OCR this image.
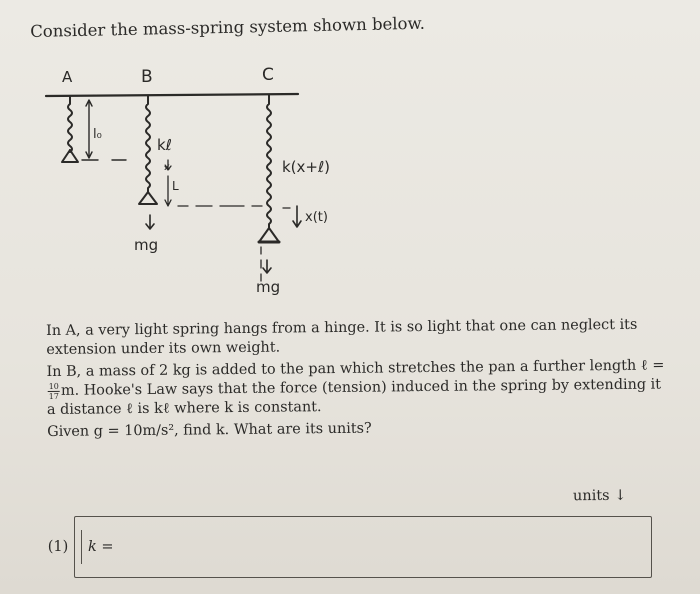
Consider the mass-spring system shown below.
A	B	C
l₀
kℓ
x
L
mg
k(x+ℓ)
x(t)
mg

In A, a very light spring hangs from a hinge. It is so light that one can neglect its extension under its own weight.

In B, a mass of 2 kg is added to the pan which stretches the pan a further length ℓ =
$\frac{10}{17} m$. Hooke's Law says that the force (tension) induced in the spring by extending it a distance ℓ is kℓ where k is constant.

Given g = 10m/s², find k. What are its units?

units ↓
(1)	k =
